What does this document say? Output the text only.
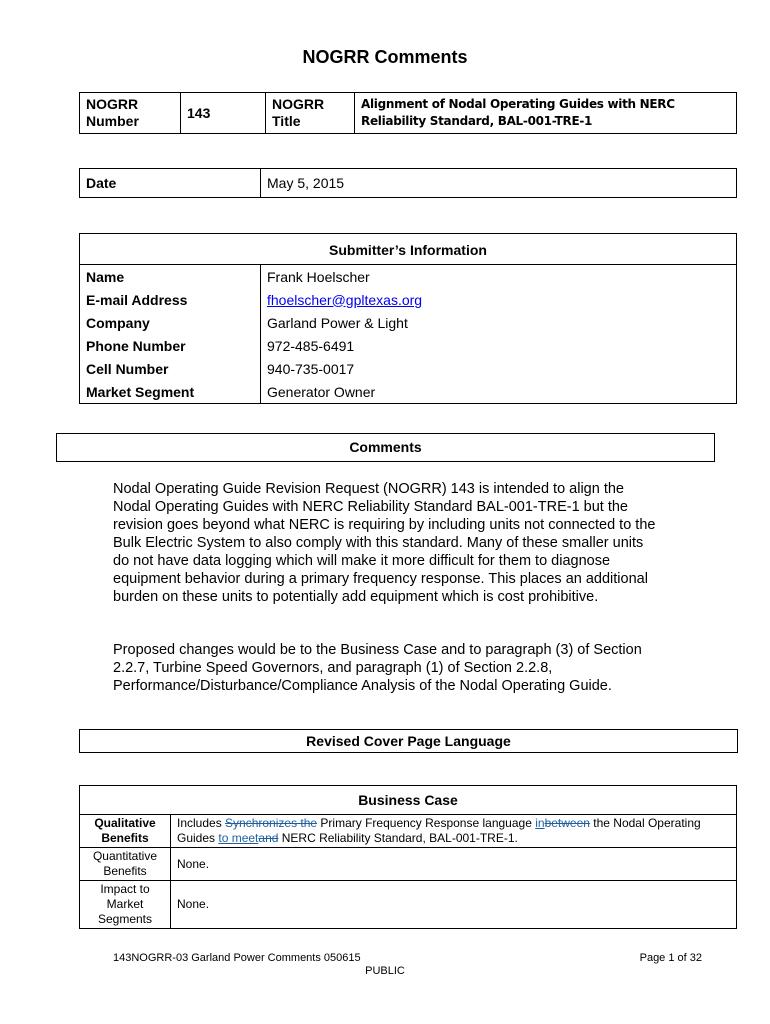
NOGRR Comments
NOGRR Number	143	NOGRR Title	Alignment of Nodal Operating Guides with NERC Reliability Standard, BAL-001-TRE-1
Date	May 5, 2015
Submitter’s Information	
Name	Frank Hoelscher
E-mail Address	fhoelscher@gpltexas.org
Company	Garland Power & Light
Phone Number	972-485-6491
Cell Number	940-735-0017
Market Segment	Generator Owner
Comments
Nodal Operating Guide Revision Request (NOGRR) 143 is intended to align the Nodal Operating Guides with NERC Reliability Standard BAL-001-TRE-1 but the revision goes beyond what NERC is requiring by including units not connected to the Bulk Electric System to also comply with this standard. Many of these smaller units do not have data logging which will make it more difficult for them to diagnose equipment behavior during a primary frequency response. This places an additional burden on these units to potentially add equipment which is cost prohibitive.
Proposed changes would be to the Business Case and to paragraph (3) of Section 2.2.7, Turbine Speed Governors, and paragraph (1) of Section 2.2.8, Performance/Disturbance/Compliance Analysis of the Nodal Operating Guide.
Revised Cover Page Language
Business Case	
Qualitative Benefits	Includes Synchronizes the Primary Frequency Response language inbetween the Nodal Operating Guides to meetand NERC Reliability Standard, BAL-001-TRE-1.
Quantitative Benefits	None.
Impact to Market Segments	None.
143NOGRR-03 Garland Power Comments 050615	Page 1 of 32
PUBLIC
